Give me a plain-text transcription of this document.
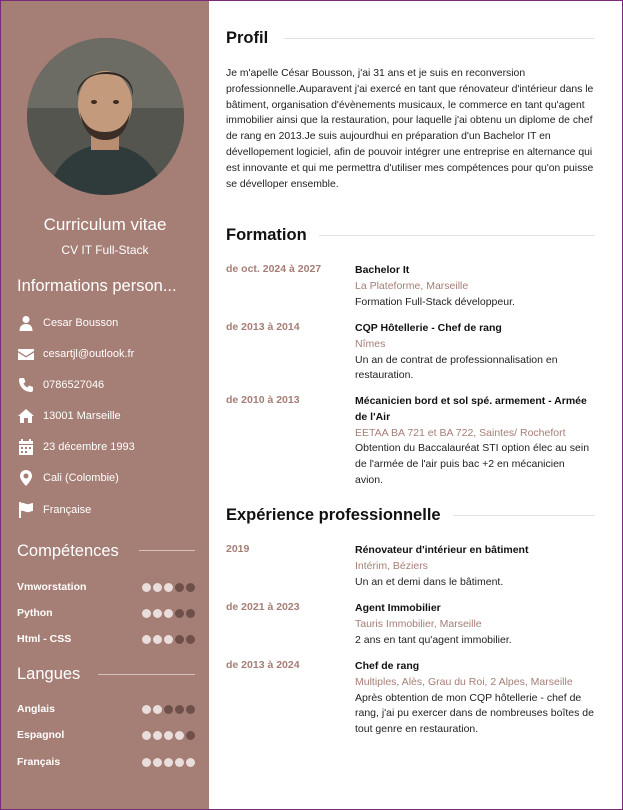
Curriculum vitae
CV IT Full-Stack
Informations person...
Cesar Bousson
cesartjl@outlook.fr
0786527046
13001 Marseille
23 décembre 1993
Cali (Colombie)
Française
Compétences
Vmworstation
Python
Html - CSS
Langues
Anglais
Espagnol
Français
Profil
Je m'apelle César Bousson, j'ai 31 ans et je suis en reconversion professionnelle.Auparavent j'ai exercé en tant que rénovateur d'intérieur dans le bâtiment, organisation d'évènements musicaux, le commerce en tant qu'agent immobilier ainsi que la restauration, pour laquelle j'ai obtenu un diplome de chef de rang en 2013.Je suis aujourdhui en préparation d'un Bachelor IT en dévellopement logiciel, afin de pouvoir intégrer une entreprise en alternance qui est innovante et qui me permettra d'utiliser mes compétences pour qu'on puisse se dévelloper ensemble.
Formation
de oct. 2024 à 2027	Bachelor It
La Plateforme, Marseille
Formation Full-Stack développeur.
de 2013 à 2014	CQP Hôtellerie - Chef de rang
Nîmes
Un an de contrat de professionnalisation en restauration.
de 2010 à 2013	Mécanicien bord et sol spé. armement - Armée de l'Air
EETAA BA 721 et BA 722, Saintes/ Rochefort
Obtention du Baccalauréat STI option élec au sein de l'armée de l'air puis bac +2 en mécanicien avion.
Expérience professionnelle
2019	Rénovateur d'intérieur en bâtiment
Intérim, Béziers
Un an et demi dans le bâtiment.
de 2021 à 2023	Agent Immobilier
Tauris Immobilier, Marseille
2 ans en tant qu'agent immobilier.
de 2013 à 2024	Chef de rang
Multiples, Alès, Grau du Roi, 2 Alpes, Marseille
Après obtention de mon CQP hôtellerie - chef de rang, j'ai pu exercer dans de nombreuses boîtes de tout genre en restauration.
